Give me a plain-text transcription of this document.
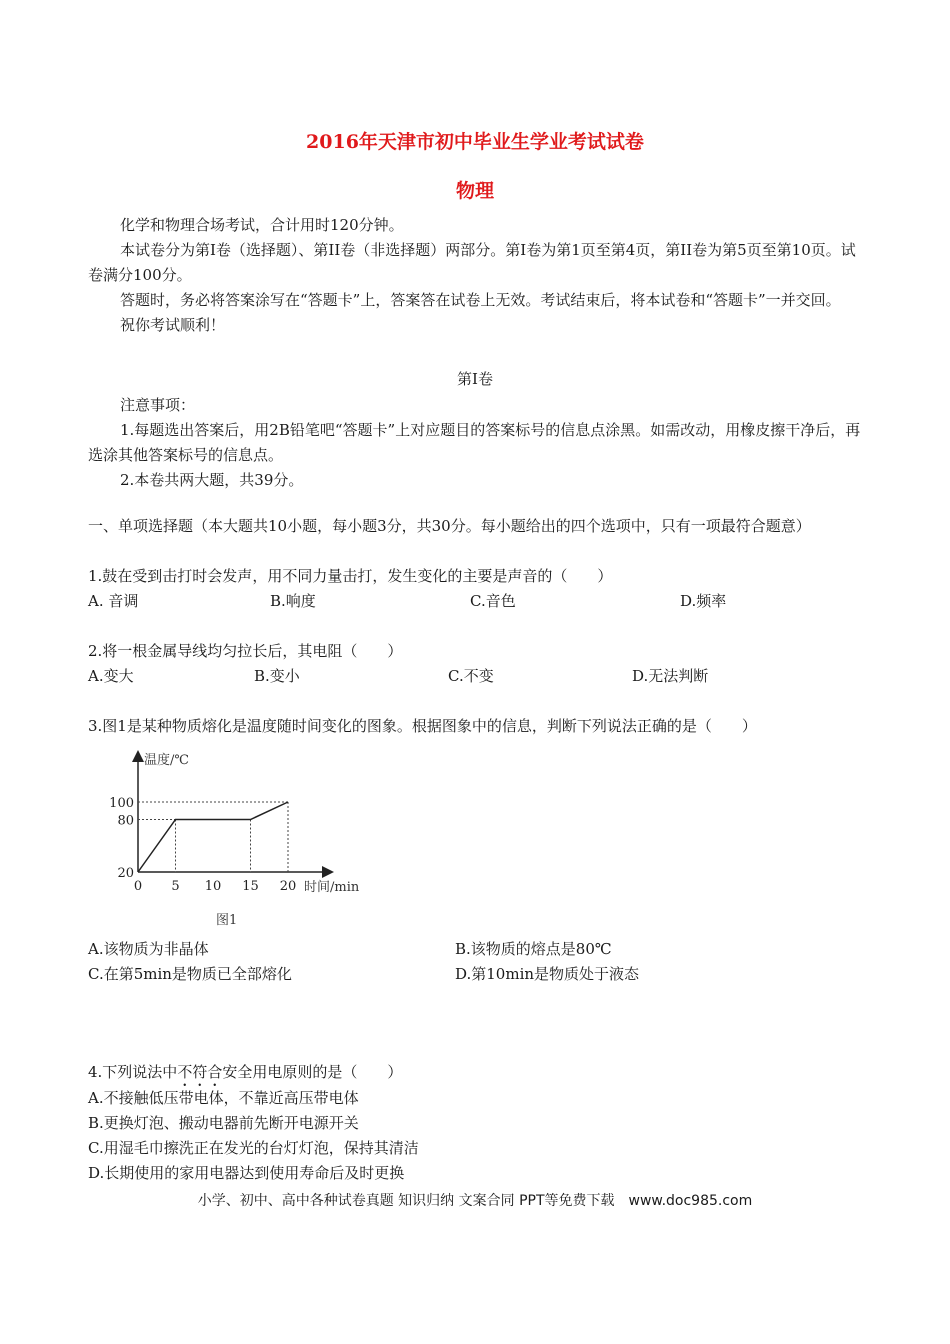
2016年天津市初中毕业生学业考试试卷
物理

化学和物理合场考试，合计用时120分钟。

本试卷分为第Ⅰ卷（选择题）、第II卷（非选择题）两部分。第Ⅰ卷为第1页至第4页，第II卷为第5页至第10页。试卷满分100分。

答题时，务必将答案涂写在“答题卡”上，答案答在试卷上无效。考试结束后，将本试卷和“答题卡”一并交回。

祝你考试顺利！

第Ⅰ卷

注意事项：

1.每题选出答案后，用2B铅笔吧“答题卡”上对应题目的答案标号的信息点涂黑。如需改动，用橡皮擦干净后，再选涂其他答案标号的信息点。

2.本卷共两大题，共39分。

一、单项选择题（本大题共10小题，每小题3分，共30分。每小题给出的四个选项中，只有一项最符合题意）
1.鼓在受到击打时会发声，用不同力量击打，发生变化的主要是声音的（　　）
A. 音调	B.响度	C.音色	D.频率
2.将一根金属导线均匀拉长后，其电阻（　　）
A.变大	B.变小	C.不变	D.无法判断
3.图1是某种物质熔化是温度随时间变化的图象。根据图象中的信息，判断下列说法正确的是（　　）
0 5 10 15 20
20
80
100
温度/℃
时间/min
图1
A.该物质为非晶体	B.该物质的熔点是80℃
C.在第5min是物质已全部熔化	D.第10min是物质处于液态
4.下列说法中不符合安全用电原则的是（　　）
A.不接触低压带电体，不靠近高压带电体
B.更换灯泡、搬动电器前先断开电源开关
C.用湿毛巾擦洗正在发光的台灯灯泡，保持其清洁
D.长期使用的家用电器达到使用寿命后及时更换
小学、初中、高中各种试卷真题 知识归纳 文案合同 PPT等免费下载　www.doc985.com
